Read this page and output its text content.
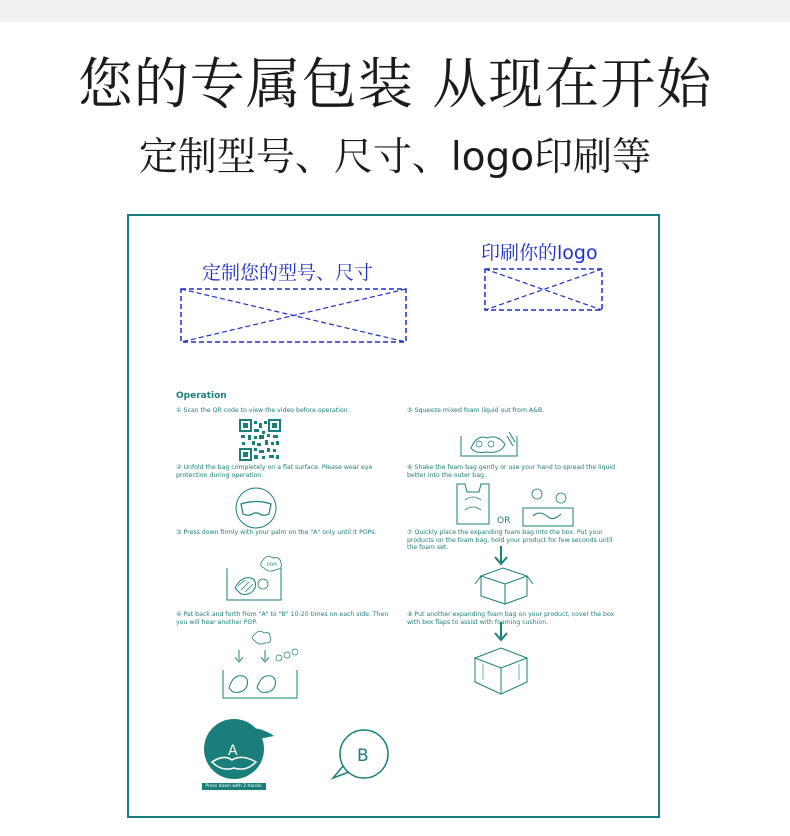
您的专属包装 从现在开始
定制型号、尺寸、logo印刷等
定制您的型号、尺寸
印刷你的logo
Operation
① Scan the QR code to view the video before operation.
② Unfold the bag completely on a flat surface. Please wear eye protection during operation.
③ Press down firmly with your palm on the "A" only until it POPs.
POP!
④ Pat back and forth from "A" to "B" 10-20 times on each side. Then you will hear another POP.
⑤ Squeeze mixed foam liquid out from A&B.
⑥ Shake the foam bag gently or use your hand to spread the liquid better into the outer bag.
OR
⑦ Quickly place the expanding foam bag into the box. Put your products on the foam bag, hold your product for few seconds until the foam set.
⑧ Put another expanding foam bag on your product, cover the box with box flaps to assist with foaming cushion.
A
Press down with 2 hands.
B
